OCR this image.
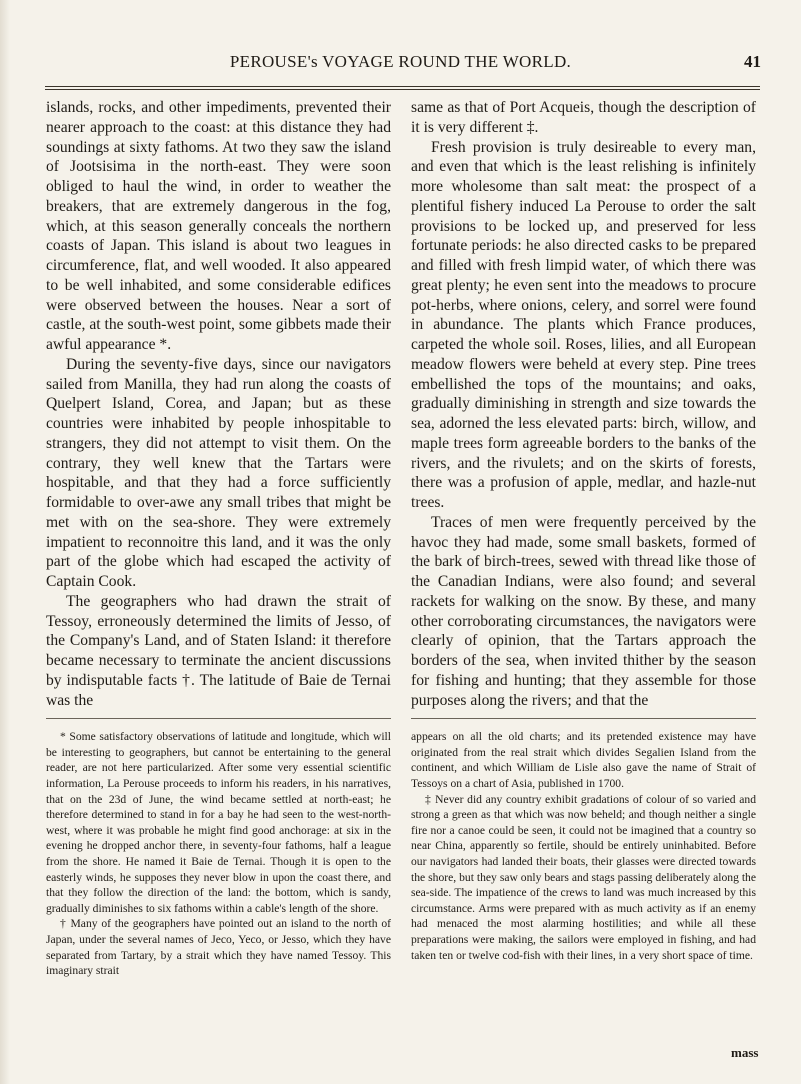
PEROUSE's VOYAGE ROUND THE WORLD.	41

islands, rocks, and other impediments, prevented their nearer approach to the coast: at this distance they had soundings at sixty fathoms. At two they saw the island of Jootsisima in the north-east. They were soon obliged to haul the wind, in order to weather the breakers, that are extremely dangerous in the fog, which, at this season generally conceals the northern coasts of Japan. This island is about two leagues in circumference, flat, and well wooded. It also appeared to be well inhabited, and some considerable edifices were observed between the houses. Near a sort of castle, at the south-west point, some gibbets made their awful appearance *.

During the seventy-five days, since our navigators sailed from Manilla, they had run along the coasts of Quelpert Island, Corea, and Japan; but as these countries were inhabited by people inhospitable to strangers, they did not attempt to visit them. On the contrary, they well knew that the Tartars were hospitable, and that they had a force sufficiently formidable to over-awe any small tribes that might be met with on the sea-shore. They were extremely impatient to reconnoitre this land, and it was the only part of the globe which had escaped the activity of Captain Cook.

The geographers who had drawn the strait of Tessoy, erroneously determined the limits of Jesso, of the Company's Land, and of Staten Island: it therefore became necessary to terminate the ancient discussions by indisputable facts †. The latitude of Baie de Ternai was the

* Some satisfactory observations of latitude and longitude, which will be interesting to geographers, but cannot be entertaining to the general reader, are not here particularized. After some very essential scientific information, La Perouse proceeds to inform his readers, in his narratives, that on the 23d of June, the wind became settled at north-east; he therefore determined to stand in for a bay he had seen to the west-north-west, where it was probable he might find good anchorage: at six in the evening he dropped anchor there, in seventy-four fathoms, half a league from the shore. He named it Baie de Ternai. Though it is open to the easterly winds, he supposes they never blow in upon the coast there, and that they follow the direction of the land: the bottom, which is sandy, gradually diminishes to six fathoms within a cable's length of the shore.

† Many of the geographers have pointed out an island to the north of Japan, under the several names of Jeco, Yeco, or Jesso, which they have separated from Tartary, by a strait which they have named Tessoy. This imaginary strait

same as that of Port Acqueis, though the description of it is very different ‡.

Fresh provision is truly desireable to every man, and even that which is the least relishing is infinitely more wholesome than salt meat: the prospect of a plentiful fishery induced La Perouse to order the salt provisions to be locked up, and preserved for less fortunate periods: he also directed casks to be prepared and filled with fresh limpid water, of which there was great plenty; he even sent into the meadows to procure pot-herbs, where onions, celery, and sorrel were found in abundance. The plants which France produces, carpeted the whole soil. Roses, lilies, and all European meadow flowers were beheld at every step. Pine trees embellished the tops of the mountains; and oaks, gradually diminishing in strength and size towards the sea, adorned the less elevated parts: birch, willow, and maple trees form agreeable borders to the banks of the rivers, and the rivulets; and on the skirts of forests, there was a profusion of apple, medlar, and hazle-nut trees.

Traces of men were frequently perceived by the havoc they had made, some small baskets, formed of the bark of birch-trees, sewed with thread like those of the Canadian Indians, were also found; and several rackets for walking on the snow. By these, and many other corroborating circumstances, the navigators were clearly of opinion, that the Tartars approach the borders of the sea, when invited thither by the season for fishing and hunting; that they assemble for those purposes along the rivers; and that the

appears on all the old charts; and its pretended existence may have originated from the real strait which divides Segalien Island from the continent, and which William de Lisle also gave the name of Strait of Tessoys on a chart of Asia, published in 1700.

‡ Never did any country exhibit gradations of colour of so varied and strong a green as that which was now beheld; and though neither a single fire nor a canoe could be seen, it could not be imagined that a country so near China, apparently so fertile, should be entirely uninhabited. Before our navigators had landed their boats, their glasses were directed towards the shore, but they saw only bears and stags passing deliberately along the sea-side. The impatience of the crews to land was much increased by this circumstance. Arms were prepared with as much activity as if an enemy had menaced the most alarming hostilities; and while all these preparations were making, the sailors were employed in fishing, and had taken ten or twelve cod-fish with their lines, in a very short space of time.

mass
